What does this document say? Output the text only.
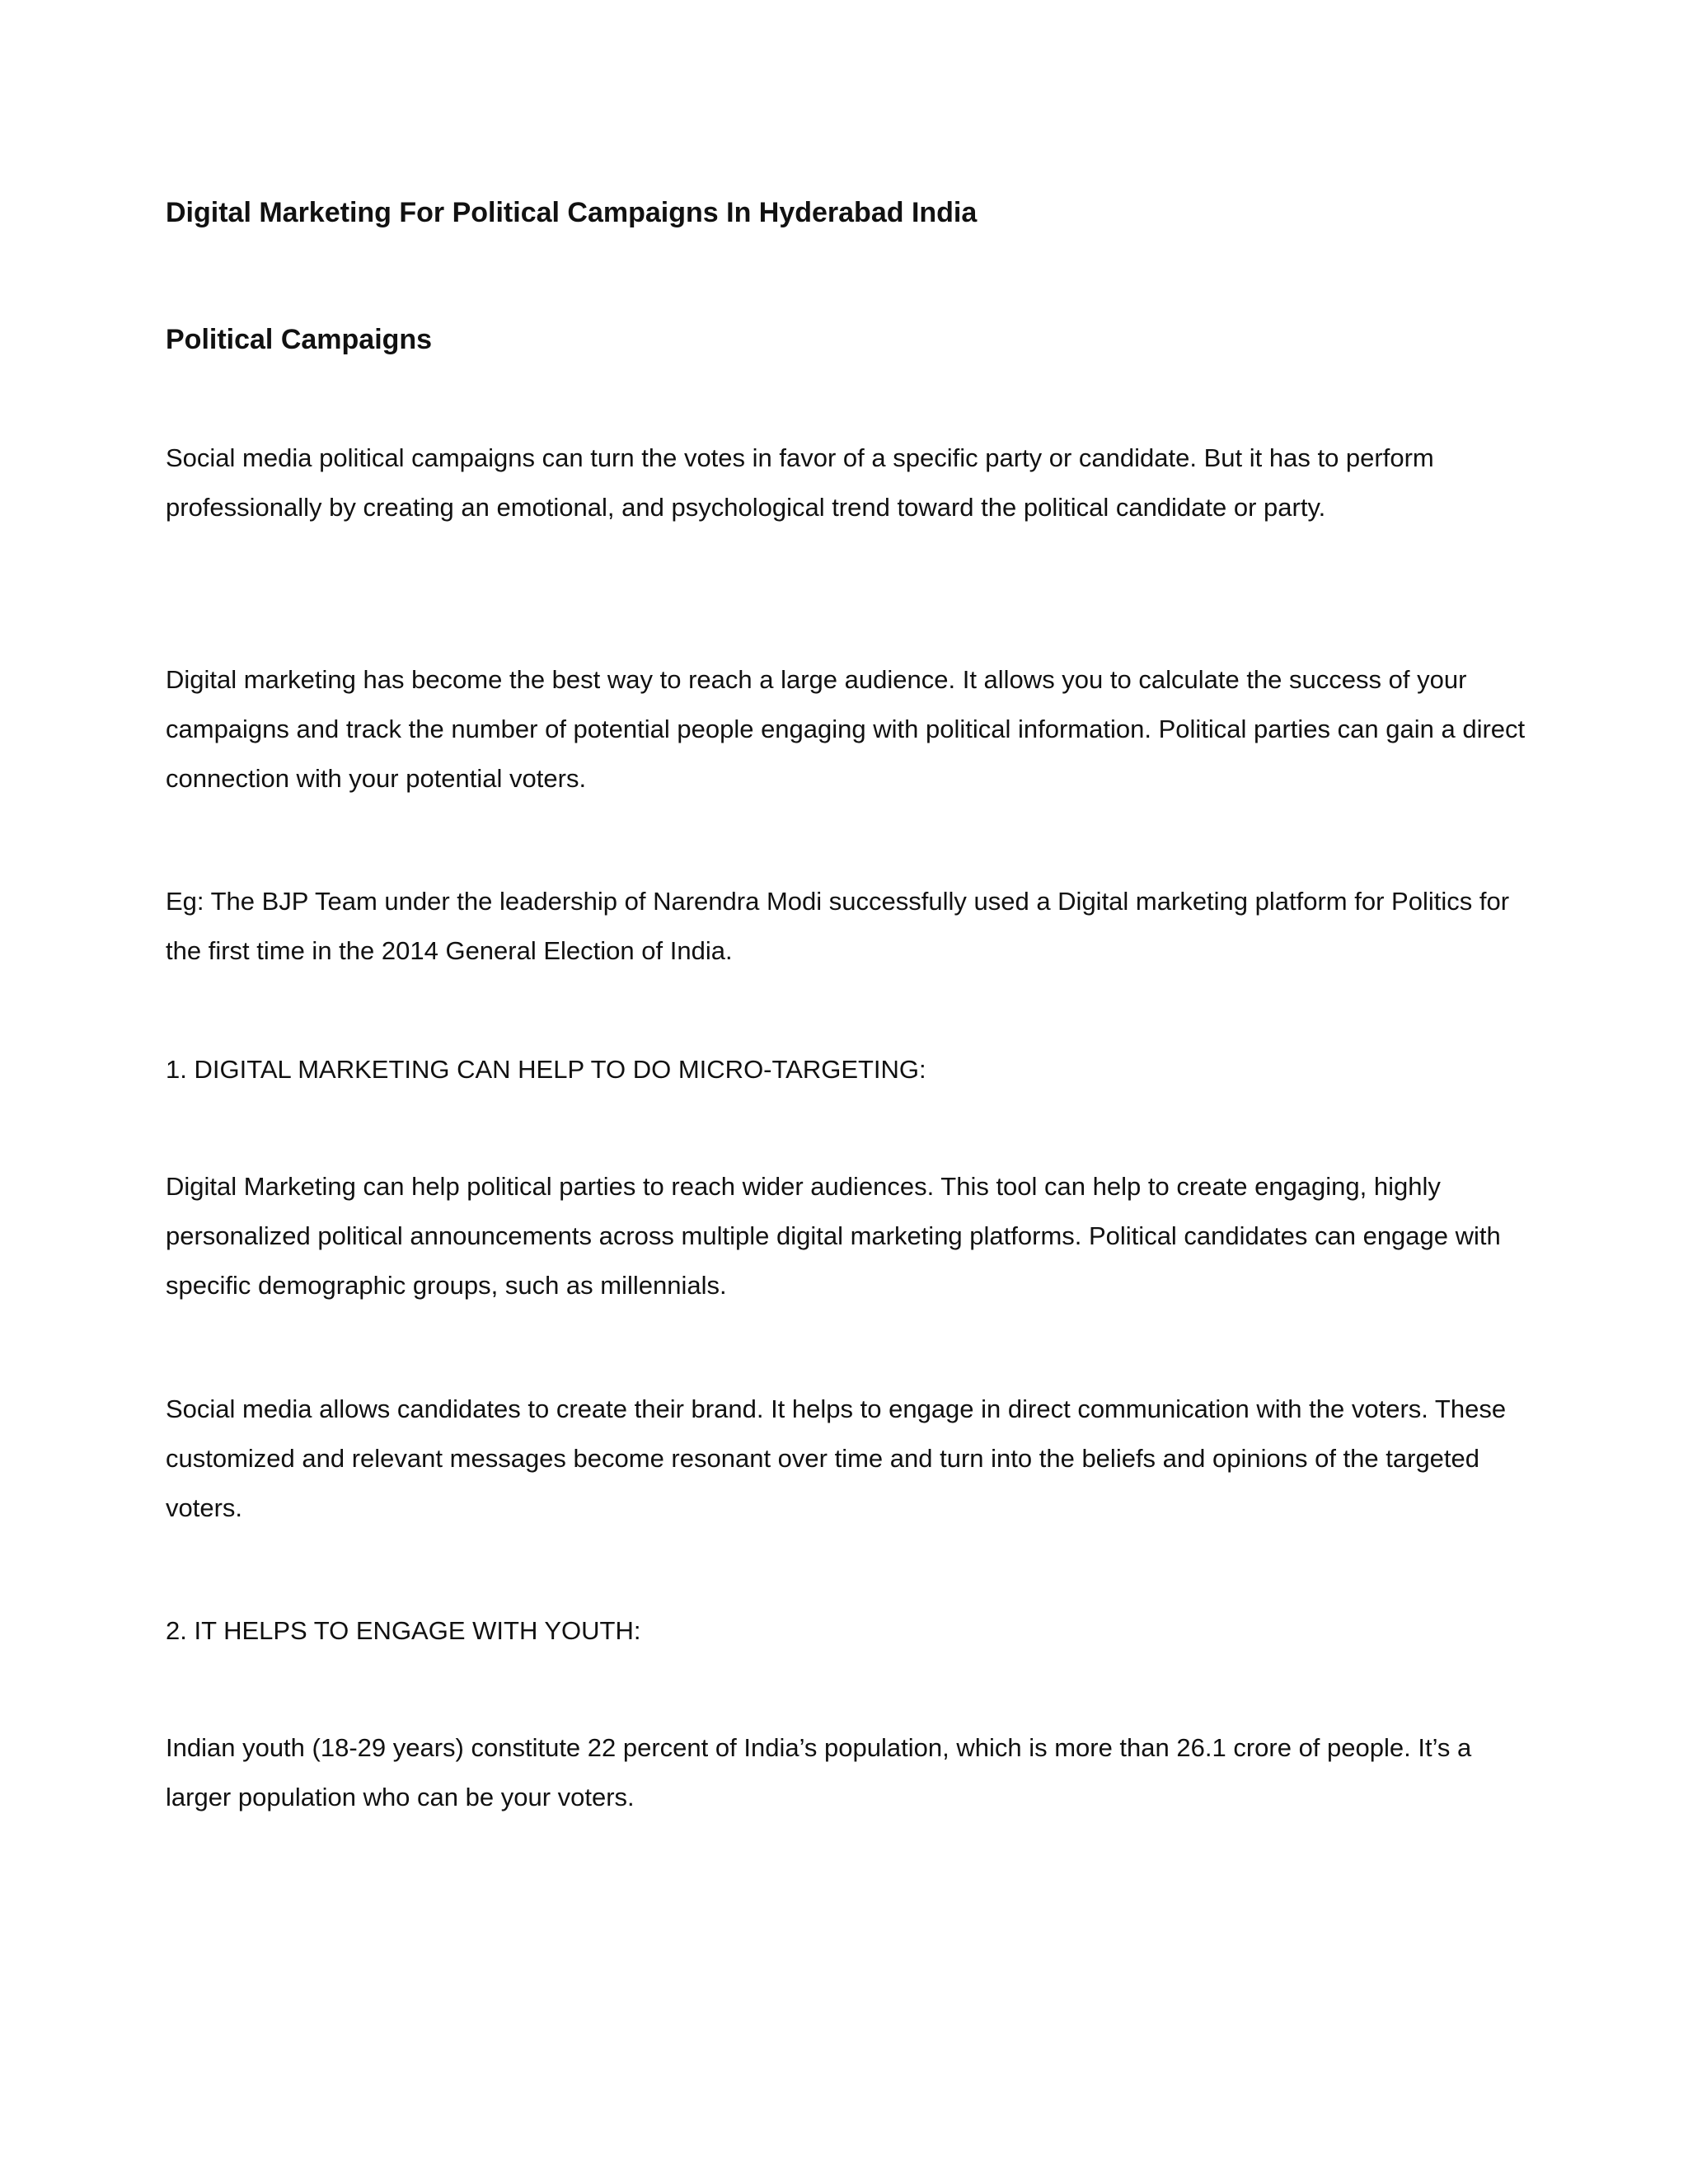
Digital Marketing For Political Campaigns In Hyderabad India
Political Campaigns

Social media political campaigns can turn the votes in favor of a specific party or candidate. But it has to perform professionally by creating an emotional, and psychological trend toward the political candidate or party.

Digital marketing has become the best way to reach a large audience. It allows you to calculate the success of your campaigns and track the number of potential people engaging with political information. Political parties can gain a direct connection with your potential voters.

Eg: The BJP Team under the leadership of Narendra Modi successfully used a Digital marketing platform for Politics for the first time in the 2014 General Election of India.

1. DIGITAL MARKETING CAN HELP TO DO MICRO-TARGETING:

Digital Marketing can help political parties to reach wider audiences. This tool can help to create engaging, highly personalized political announcements across multiple digital marketing platforms. Political candidates can engage with specific demographic groups, such as millennials.

Social media allows candidates to create their brand. It helps to engage in direct communication with the voters. These customized and relevant messages become resonant over time and turn into the beliefs and opinions of the targeted voters.

2. IT HELPS TO ENGAGE WITH YOUTH:

Indian youth (18-29 years) constitute 22 percent of India’s population, which is more than 26.1 crore of people. It’s a larger population who can be your voters.
